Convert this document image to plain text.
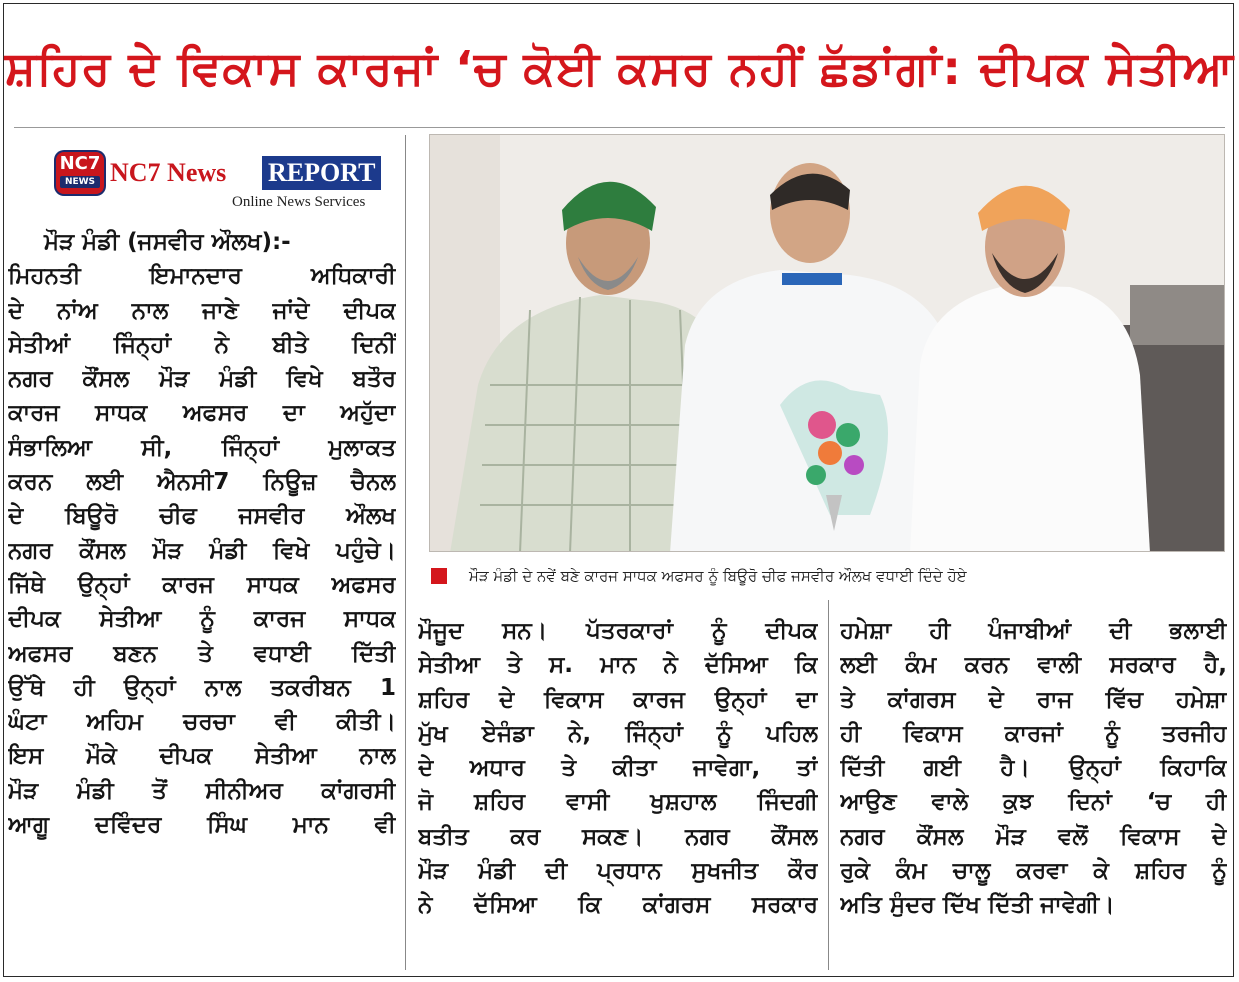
ਸ਼ਹਿਰ ਦੇ ਵਿਕਾਸ ਕਾਰਜਾਂ ‘ਚ ਕੋਈ ਕਸਰ ਨਹੀਂ ਛੱਡਾਂਗਾਂ: ਦੀਪਕ ਸੇਤੀਆ
NC7
NEWS NC7 News REPORT
Online News Services
ਮੌੜ ਮੰਡੀ ਦੇ ਨਵੇਂ ਬਣੇ ਕਾਰਜ ਸਾਧਕ ਅਫਸਰ ਨੂੰ ਬਿਊਰੋ ਚੀਫ ਜਸਵੀਰ ਔਲਖ ਵਧਾਈ ਦਿੰਦੇ ਹੋਏ
ਮੌੜ ਮੰਡੀ (ਜਸਵੀਰ ਔਲਖ):-
ਮਿਹਨਤੀ ਇਮਾਨਦਾਰ ਅਧਿਕਾਰੀ
ਦੇ ਨਾਂਅ ਨਾਲ ਜਾਣੇ ਜਾਂਦੇ ਦੀਪਕ
ਸੇਤੀਆਂ ਜਿੰਨ੍ਹਾਂ ਨੇ ਬੀਤੇ ਦਿਨੀਂ
ਨਗਰ ਕੌਂਸਲ ਮੌੜ ਮੰਡੀ ਵਿਖੇ ਬਤੌਰ
ਕਾਰਜ ਸਾਧਕ ਅਫਸਰ ਦਾ ਅਹੁੱਦਾ
ਸੰਭਾਲਿਆ ਸੀ, ਜਿੰਨ੍ਹਾਂ ਮੁਲਾਕਤ
ਕਰਨ ਲਈ ਐਨਸੀ7 ਨਿਊਜ਼ ਚੈਨਲ
ਦੇ ਬਿਊਰੋ ਚੀਫ ਜਸਵੀਰ ਔਲਖ
ਨਗਰ ਕੌਂਸਲ ਮੌੜ ਮੰਡੀ ਵਿਖੇ ਪਹੁੰਚੇ।
ਜਿੱਥੇ ਉਨ੍ਹਾਂ ਕਾਰਜ ਸਾਧਕ ਅਫਸਰ
ਦੀਪਕ ਸੇਤੀਆ ਨੂੰ ਕਾਰਜ ਸਾਧਕ
ਅਫਸਰ ਬਣਨ ਤੇ ਵਧਾਈ ਦਿੱਤੀ
ਉੱਥੇ ਹੀ ਉਨ੍ਹਾਂ ਨਾਲ ਤਕਰੀਬਨ 1
ਘੰਟਾ ਅਹਿਮ ਚਰਚਾ ਵੀ ਕੀਤੀ।
ਇਸ ਮੌਕੇ ਦੀਪਕ ਸੇਤੀਆ ਨਾਲ
ਮੌੜ ਮੰਡੀ ਤੋਂ ਸੀਨੀਅਰ ਕਾਂਗਰਸੀ
ਆਗੂ ਦਵਿੰਦਰ ਸਿੰਘ ਮਾਨ ਵੀ
ਮੌਜੂਦ ਸਨ। ਪੱਤਰਕਾਰਾਂ ਨੂੰ ਦੀਪਕ
ਸੇਤੀਆ ਤੇ ਸ. ਮਾਨ ਨੇ ਦੱਸਿਆ ਕਿ
ਸ਼ਹਿਰ ਦੇ ਵਿਕਾਸ ਕਾਰਜ ਉਨ੍ਹਾਂ ਦਾ
ਮੁੱਖ ਏਜੰਡਾ ਨੇ, ਜਿੰਨ੍ਹਾਂ ਨੂੰ ਪਹਿਲ
ਦੇ ਅਧਾਰ ਤੇ ਕੀਤਾ ਜਾਵੇਗਾ, ਤਾਂ
ਜੋ ਸ਼ਹਿਰ ਵਾਸੀ ਖੁਸ਼ਹਾਲ ਜਿੰਦਗੀ
ਬਤੀਤ ਕਰ ਸਕਣ। ਨਗਰ ਕੌਂਸਲ
ਮੌੜ ਮੰਡੀ ਦੀ ਪ੍ਰਧਾਨ ਸੁਖਜੀਤ ਕੌਰ
ਨੇ ਦੱਸਿਆ ਕਿ ਕਾਂਗਰਸ ਸਰਕਾਰ
ਹਮੇਸ਼ਾ ਹੀ ਪੰਜਾਬੀਆਂ ਦੀ ਭਲਾਈ
ਲਈ ਕੰਮ ਕਰਨ ਵਾਲੀ ਸਰਕਾਰ ਹੈ,
ਤੇ ਕਾਂਗਰਸ ਦੇ ਰਾਜ ਵਿੱਚ ਹਮੇਸ਼ਾ
ਹੀ ਵਿਕਾਸ ਕਾਰਜਾਂ ਨੂੰ ਤਰਜੀਹ
ਦਿੱਤੀ ਗਈ ਹੈ। ਉਨ੍ਹਾਂ ਕਿਹਾਕਿ
ਆਉਣ ਵਾਲੇ ਕੁਝ ਦਿਨਾਂ ‘ਚ ਹੀ
ਨਗਰ ਕੌਂਸਲ ਮੌੜ ਵਲੋਂ ਵਿਕਾਸ ਦੇ
ਰੁਕੇ ਕੰਮ ਚਾਲੂ ਕਰਵਾ ਕੇ ਸ਼ਹਿਰ ਨੂੰ
ਅਤਿ ਸੁੰਦਰ ਦਿੱਖ ਦਿੱਤੀ ਜਾਵੇਗੀ।
